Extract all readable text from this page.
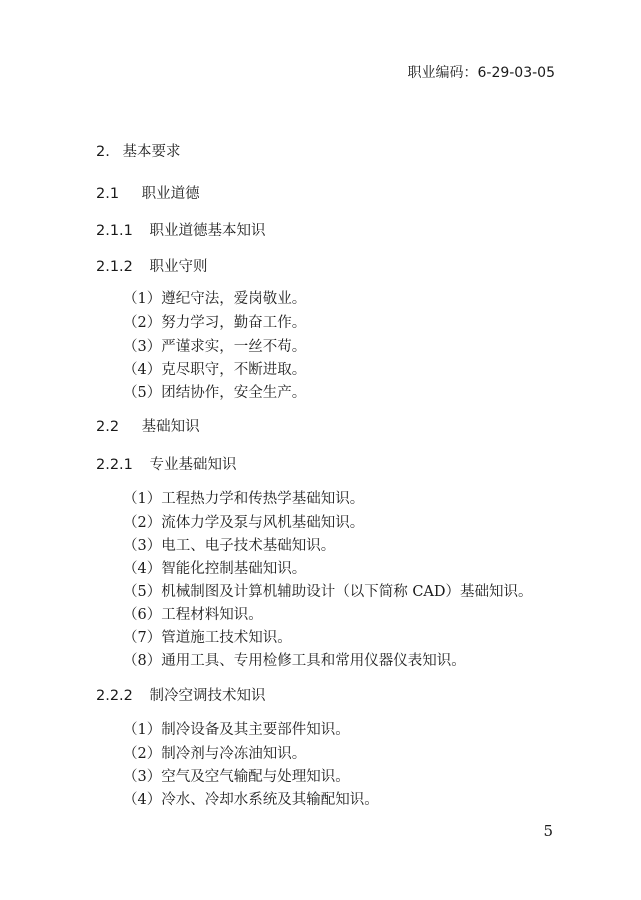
职业编码：6-29-03-05
2. 基本要求
2.1 职业道德
2.1.1 职业道德基本知识
2.1.2 职业守则
（1）遵纪守法，爱岗敬业。
（2）努力学习，勤奋工作。
（3）严谨求实，一丝不苟。
（4）克尽职守，不断进取。
（5）团结协作，安全生产。
2.2 基础知识
2.2.1 专业基础知识
（1）工程热力学和传热学基础知识。
（2）流体力学及泵与风机基础知识。
（3）电工、电子技术基础知识。
（4）智能化控制基础知识。
（5）机械制图及计算机辅助设计（以下简称 CAD）基础知识。
（6）工程材料知识。
（7）管道施工技术知识。
（8）通用工具、专用检修工具和常用仪器仪表知识。
2.2.2 制冷空调技术知识
（1）制冷设备及其主要部件知识。
（2）制冷剂与冷冻油知识。
（3）空气及空气输配与处理知识。
（4）冷水、冷却水系统及其输配知识。
5
